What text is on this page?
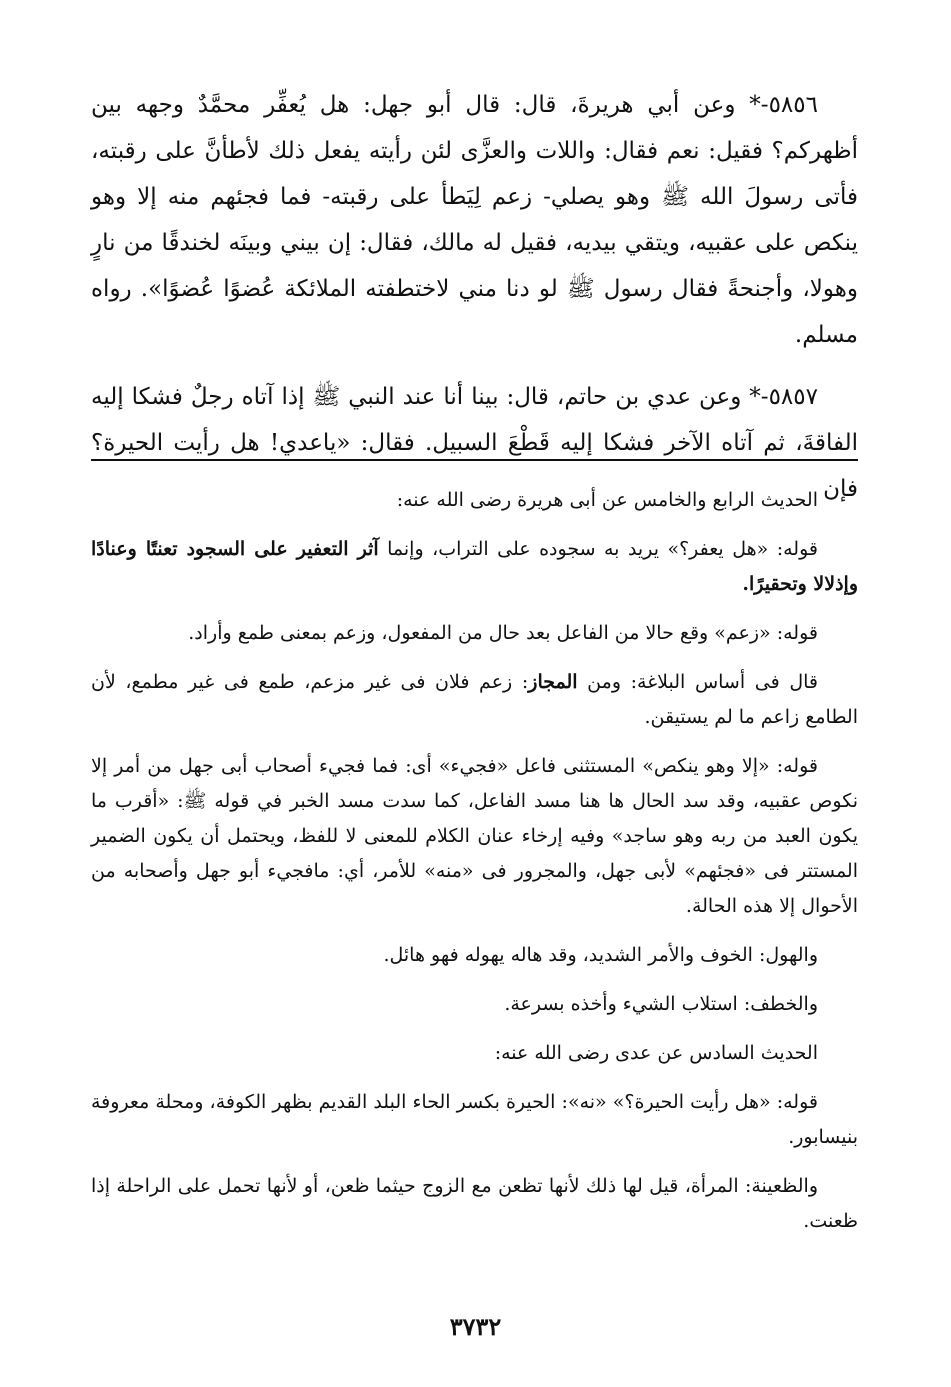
٥٨٥٦-* وعن أبي هريرةَ، قال: قال أبو جهل: هل يُعفِّر محمَّدٌ وجهه بين أظهركم؟ فقيل: نعم فقال: واللات والعزَّى لئن رأيته يفعل ذلك لأطأنَّ على رقبته، فأتى رسولَ الله ﷺ وهو يصلي- زعم لِيَطأ على رقبته- فما فجئهم منه إلا وهو ينكص على عقبيه، ويتقي بيديه، فقيل له مالك، فقال: إن بيني وبينَه لخندقًا من نارٍ وهولا، وأجنحةً فقال رسول ﷺ لو دنا مني لاختطفته الملائكة عُضوًا عُضوًا». رواه مسلم.

٥٨٥٧-* وعن عدي بن حاتم، قال: بينا أنا عند النبي ﷺ إذا آتاه رجلٌ فشكا إليه الفاقةَ، ثم آتاه الآخر فشكا إليه قَطْعَ السبيل. فقال: «ياعدي! هل رأيت الحيرة؟ فإن

الحديث الرابع والخامس عن أبى هريرة رضى الله عنه:

قوله: «هل يعفر؟» يريد به سجوده على التراب، وإنما آثر التعفير على السجود تعنتًا وعنادًا وإذلالا وتحقيرًا.

قوله: «زعم» وقع حالا من الفاعل بعد حال من المفعول، وزعم بمعنى طمع وأراد.

قال فى أساس البلاغة: ومن المجاز: زعم فلان فى غير مزعم، طمع فى غير مطمع، لأن الطامع زاعم ما لم يستيقن.

قوله: «إلا وهو ينكص» المستثنى فاعل «فجيء» أى: فما فجيء أصحاب أبى جهل من أمر إلا نكوص عقبيه، وقد سد الحال ها هنا مسد الفاعل، كما سدت مسد الخبر في قوله ﷺ: «أقرب ما يكون العبد من ربه وهو ساجد» وفيه إرخاء عنان الكلام للمعنى لا للفظ، ويحتمل أن يكون الضمير المستتر فى «فجئهم» لأبى جهل، والمجرور فى «منه» للأمر، أي: مافجيء أبو جهل وأصحابه من الأحوال إلا هذه الحالة.

والهول: الخوف والأمر الشديد، وقد هاله يهوله فهو هائل.

والخطف: استلاب الشيء وأخذه بسرعة.

الحديث السادس عن عدى رضى الله عنه:

قوله: «هل رأيت الحيرة؟» «نه»: الحيرة بكسر الحاء البلد القديم بظهر الكوفة، ومحلة معروفة بنيسابور.

والظعينة: المرأة، قيل لها ذلك لأنها تظعن مع الزوج حيثما ظعن، أو لأنها تحمل على الراحلة إذا ظعنت.

٣٧٣٢
